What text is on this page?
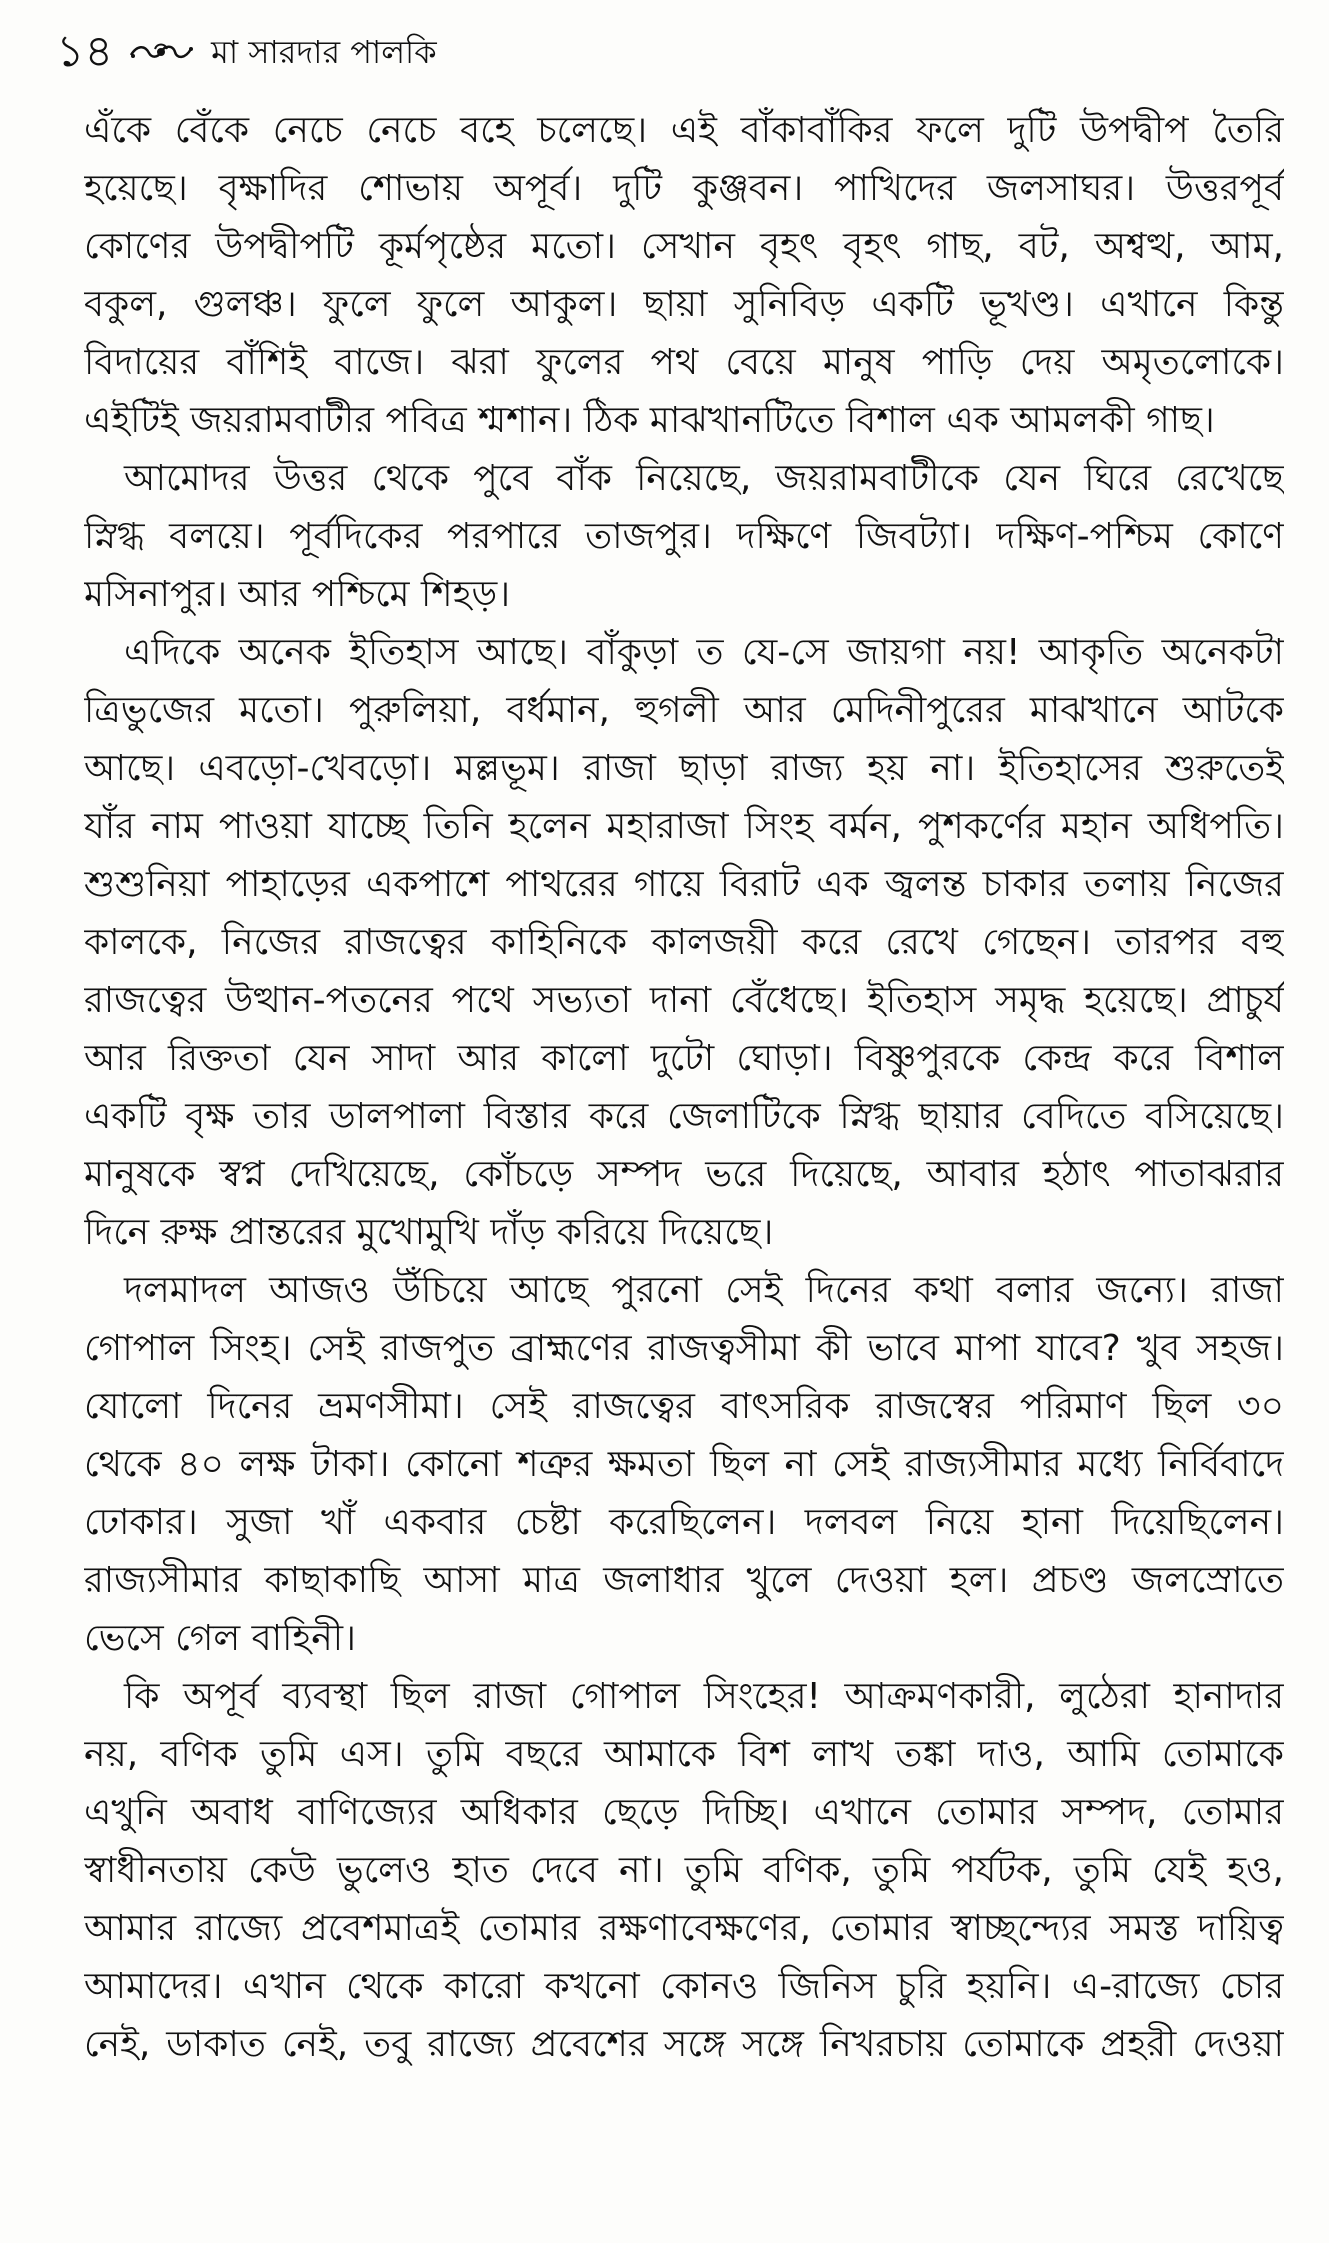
১৪	মা সারদার পালকি
এঁকে বেঁকে নেচে নেচে বহে চলেছে। এই বাঁকাবাঁকির ফলে দুটি উপদ্বীপ তৈরি
হয়েছে। বৃক্ষাদির শোভায় অপূর্ব। দুটি কুঞ্জবন। পাখিদের জলসাঘর। উত্তরপূর্ব
কোণের উপদ্বীপটি কূর্মপৃষ্ঠের মতো। সেখান বৃহৎ বৃহৎ গাছ, বট, অশ্বত্থ, আম,
বকুল, গুলঞ্চ। ফুলে ফুলে আকুল। ছায়া সুনিবিড় একটি ভূখণ্ড। এখানে কিন্তু
বিদায়ের বাঁশিই বাজে। ঝরা ফুলের পথ বেয়ে মানুষ পাড়ি দেয় অমৃতলোকে।
এইটিই জয়রামবাটীর পবিত্র শ্মশান। ঠিক মাঝখানটিতে বিশাল এক আমলকী গাছ।
আমোদর উত্তর থেকে পুবে বাঁক নিয়েছে, জয়রামবাটীকে যেন ঘিরে রেখেছে
স্নিগ্ধ বলয়ে। পূর্বদিকের পরপারে তাজপুর। দক্ষিণে জিবট্যা। দক্ষিণ-পশ্চিম কোণে
মসিনাপুর। আর পশ্চিমে শিহড়।
এদিকে অনেক ইতিহাস আছে। বাঁকুড়া ত যে-সে জায়গা নয়! আকৃতি অনেকটা
ত্রিভুজের মতো। পুরুলিয়া, বর্ধমান, হুগলী আর মেদিনীপুরের মাঝখানে আটকে
আছে। এবড়ো-খেবড়ো। মল্লভূম। রাজা ছাড়া রাজ্য হয় না। ইতিহাসের শুরুতেই
যাঁর নাম পাওয়া যাচ্ছে তিনি হলেন মহারাজা সিংহ বর্মন, পুশকর্ণের মহান অধিপতি।
শুশুনিয়া পাহাড়ের একপাশে পাথরের গায়ে বিরাট এক জ্বলন্ত চাকার তলায় নিজের
কালকে, নিজের রাজত্বের কাহিনিকে কালজয়ী করে রেখে গেছেন। তারপর বহু
রাজত্বের উত্থান-পতনের পথে সভ্যতা দানা বেঁধেছে। ইতিহাস সমৃদ্ধ হয়েছে। প্রাচুর্য
আর রিক্ততা যেন সাদা আর কালো দুটো ঘোড়া। বিষ্ণুপুরকে কেন্দ্র করে বিশাল
একটি বৃক্ষ তার ডালপালা বিস্তার করে জেলাটিকে স্নিগ্ধ ছায়ার বেদিতে বসিয়েছে।
মানুষকে স্বপ্ন দেখিয়েছে, কোঁচড়ে সম্পদ ভরে দিয়েছে, আবার হঠাৎ পাতাঝরার
দিনে রুক্ষ প্রান্তরের মুখোমুখি দাঁড় করিয়ে দিয়েছে।
দলমাদল আজও উঁচিয়ে আছে পুরনো সেই দিনের কথা বলার জন্যে। রাজা
গোপাল সিংহ। সেই রাজপুত ব্রাহ্মণের রাজত্বসীমা কী ভাবে মাপা যাবে? খুব সহজ।
যোলো দিনের ভ্রমণসীমা। সেই রাজত্বের বাৎসরিক রাজস্বের পরিমাণ ছিল ৩০
থেকে ৪০ লক্ষ টাকা। কোনো শত্রুর ক্ষমতা ছিল না সেই রাজ্যসীমার মধ্যে নির্বিবাদে
ঢোকার। সুজা খাঁ একবার চেষ্টা করেছিলেন। দলবল নিয়ে হানা দিয়েছিলেন।
রাজ্যসীমার কাছাকাছি আসা মাত্র জলাধার খুলে দেওয়া হল। প্রচণ্ড জলস্রোতে
ভেসে গেল বাহিনী।
কি অপূর্ব ব্যবস্থা ছিল রাজা গোপাল সিংহের! আক্রমণকারী, লুঠেরা হানাদার
নয়, বণিক তুমি এস। তুমি বছরে আমাকে বিশ লাখ তঙ্কা দাও, আমি তোমাকে
এখুনি অবাধ বাণিজ্যের অধিকার ছেড়ে দিচ্ছি। এখানে তোমার সম্পদ, তোমার
স্বাধীনতায় কেউ ভুলেও হাত দেবে না। তুমি বণিক, তুমি পর্যটক, তুমি যেই হও,
আমার রাজ্যে প্রবেশমাত্রই তোমার রক্ষণাবেক্ষণের, তোমার স্বাচ্ছন্দ্যের সমস্ত দায়িত্ব
আমাদের। এখান থেকে কারো কখনো কোনও জিনিস চুরি হয়নি। এ-রাজ্যে চোর
নেই, ডাকাত নেই, তবু রাজ্যে প্রবেশের সঙ্গে সঙ্গে নিখরচায় তোমাকে প্রহরী দেওয়া
